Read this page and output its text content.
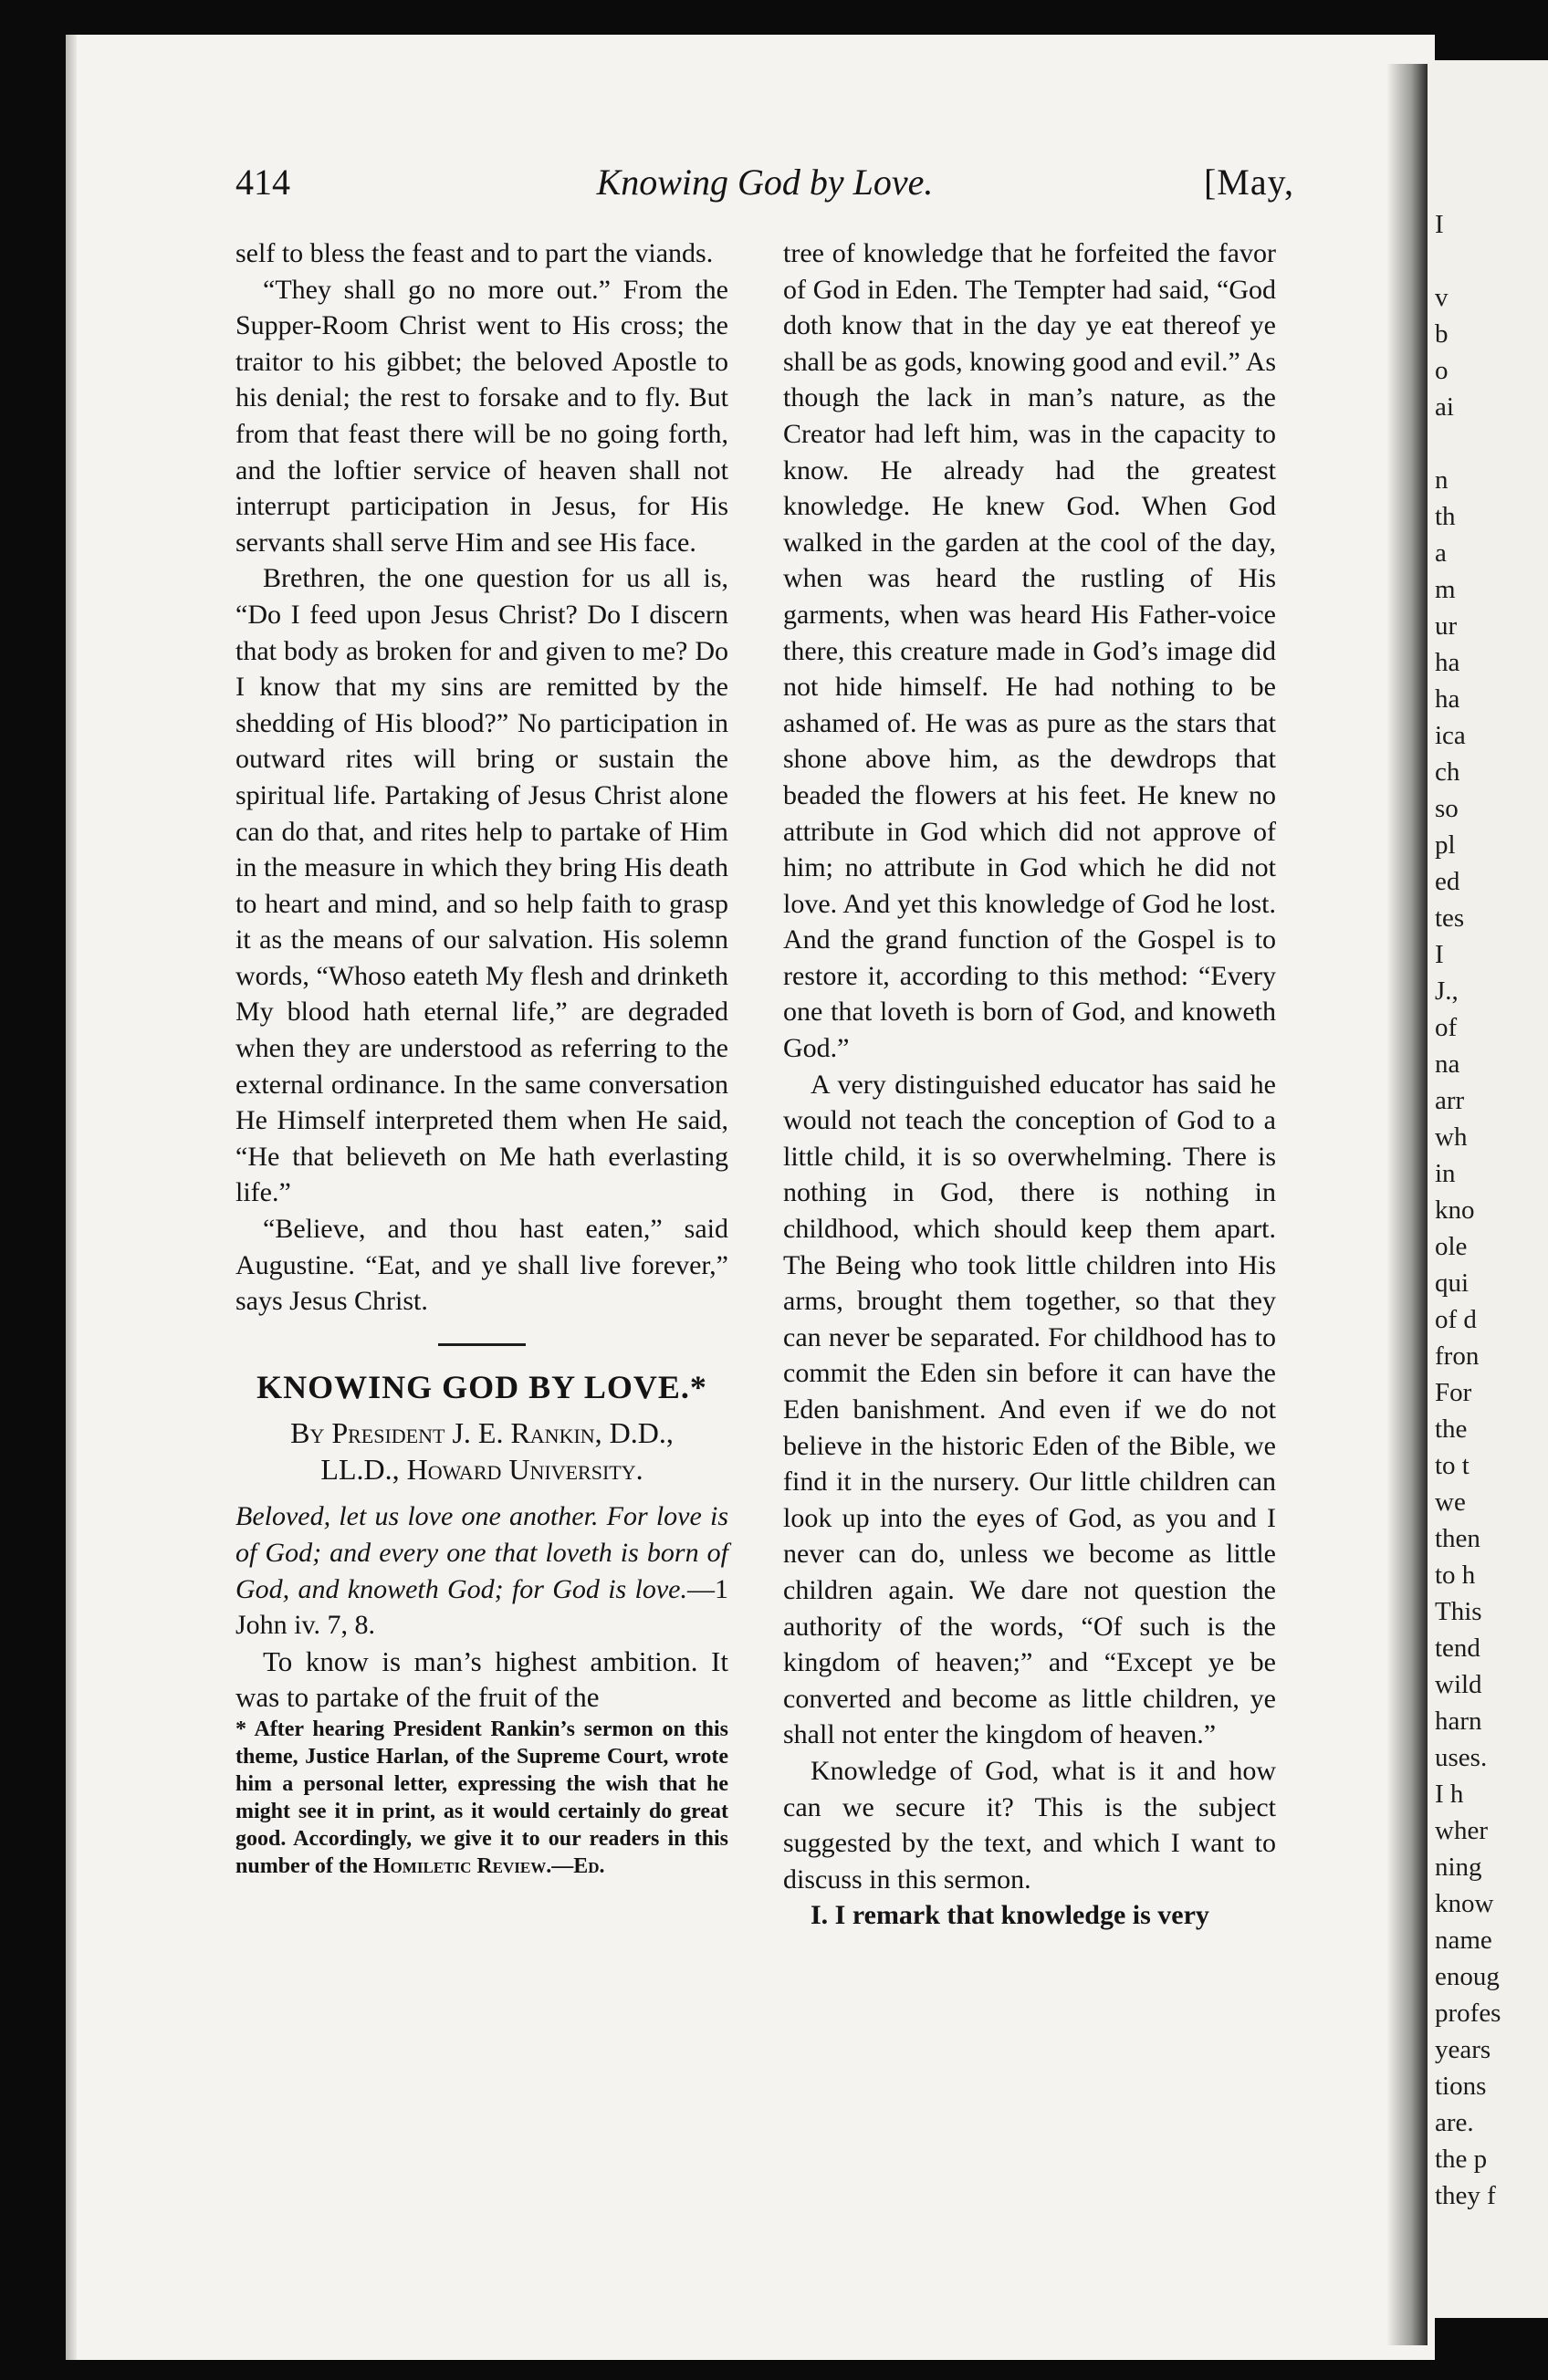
I

v
b
o
ai

n
th
a
m
ur
ha
ha
ica
ch
so
pl
ed
tes
I
J.,
of
na
arr
wh
in
kno
ole
qui
of d
fron
For
the
to t
we
then
to h
This
tend
wild
harn
uses.
I h
wher
ning
know
name
enoug
profes
years
tions
are.
the p
they f
414	Knowing God by Love.	[May,

self to bless the feast and to part the viands.

“They shall go no more out.” From the Supper-Room Christ went to His cross; the traitor to his gibbet; the beloved Apostle to his denial; the rest to forsake and to fly. But from that feast there will be no going forth, and the loftier service of heaven shall not interrupt participation in Jesus, for His servants shall serve Him and see His face.

Brethren, the one question for us all is, “Do I feed upon Jesus Christ? Do I discern that body as broken for and given to me? Do I know that my sins are remitted by the shedding of His blood?” No participation in outward rites will bring or sustain the spiritual life. Partaking of Jesus Christ alone can do that, and rites help to partake of Him in the measure in which they bring His death to heart and mind, and so help faith to grasp it as the means of our salvation. His solemn words, “Whoso eateth My flesh and drinketh My blood hath eternal life,” are degraded when they are understood as referring to the external ordinance. In the same conversation He Himself interpreted them when He said, “He that believeth on Me hath everlasting life.”

“Believe, and thou hast eaten,” said Augustine. “Eat, and ye shall live forever,” says Jesus Christ.

KNOWING GOD BY LOVE.*
By President J. E. Rankin, D.D.,
LL.D., Howard University.

Beloved, let us love one another. For love is of God; and every one that loveth is born of God, and knoweth God; for God is love.—1 John iv. 7, 8.

To know is man’s highest ambition. It was to partake of the fruit of the

* After hearing President Rankin’s sermon on this theme, Justice Harlan, of the Supreme Court, wrote him a personal letter, expressing the wish that he might see it in print, as it would certainly do great good. Accordingly, we give it to our readers in this number of the Homiletic Review.—Ed.

tree of knowledge that he forfeited the favor of God in Eden. The Tempter had said, “God doth know that in the day ye eat thereof ye shall be as gods, knowing good and evil.” As though the lack in man’s nature, as the Creator had left him, was in the capacity to know. He already had the greatest knowledge. He knew God. When God walked in the garden at the cool of the day, when was heard the rustling of His garments, when was heard His Father-voice there, this creature made in God’s image did not hide himself. He had nothing to be ashamed of. He was as pure as the stars that shone above him, as the dewdrops that beaded the flowers at his feet. He knew no attribute in God which did not approve of him; no attribute in God which he did not love. And yet this knowledge of God he lost. And the grand function of the Gospel is to restore it, according to this method: “Every one that loveth is born of God, and knoweth God.”

A very distinguished educator has said he would not teach the conception of God to a little child, it is so overwhelming. There is nothing in God, there is nothing in childhood, which should keep them apart. The Being who took little children into His arms, brought them together, so that they can never be separated. For childhood has to commit the Eden sin before it can have the Eden banishment. And even if we do not believe in the historic Eden of the Bible, we find it in the nursery. Our little children can look up into the eyes of God, as you and I never can do, unless we become as little children again. We dare not question the authority of the words, “Of such is the kingdom of heaven;” and “Except ye be converted and become as little children, ye shall not enter the kingdom of heaven.”

Knowledge of God, what is it and how can we secure it? This is the subject suggested by the text, and which I want to discuss in this sermon.

I. I remark that knowledge is very
